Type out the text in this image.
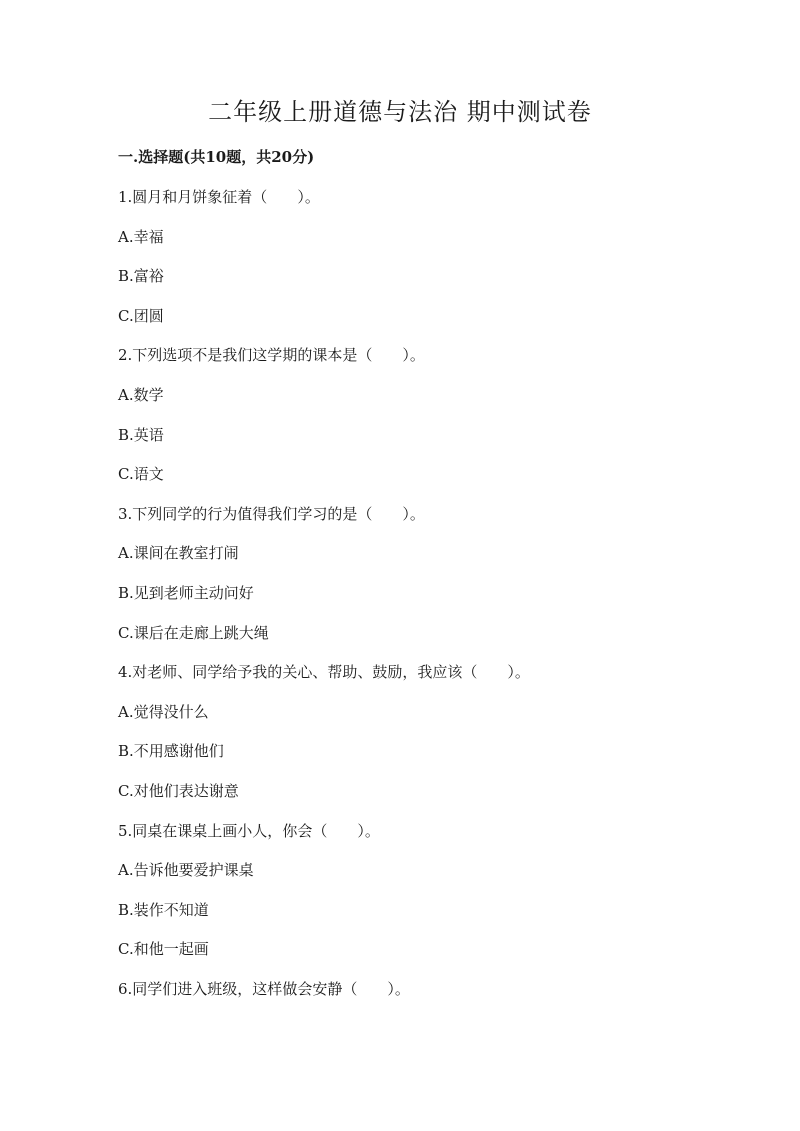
二年级上册道德与法治 期中测试卷
一.选择题(共10题，共20分)
1.圆月和月饼象征着（　　）。
A.幸福
B.富裕
C.团圆
2.下列选项不是我们这学期的课本是（　　）。
A.数学
B.英语
C.语文
3.下列同学的行为值得我们学习的是（　　）。
A.课间在教室打闹
B.见到老师主动问好
C.课后在走廊上跳大绳
4.对老师、同学给予我的关心、帮助、鼓励，我应该（　　）。
A.觉得没什么
B.不用感谢他们
C.对他们表达谢意
5.同桌在课桌上画小人，你会（　　）。
A.告诉他要爱护课桌
B.装作不知道
C.和他一起画
6.同学们进入班级，这样做会安静（　　）。
